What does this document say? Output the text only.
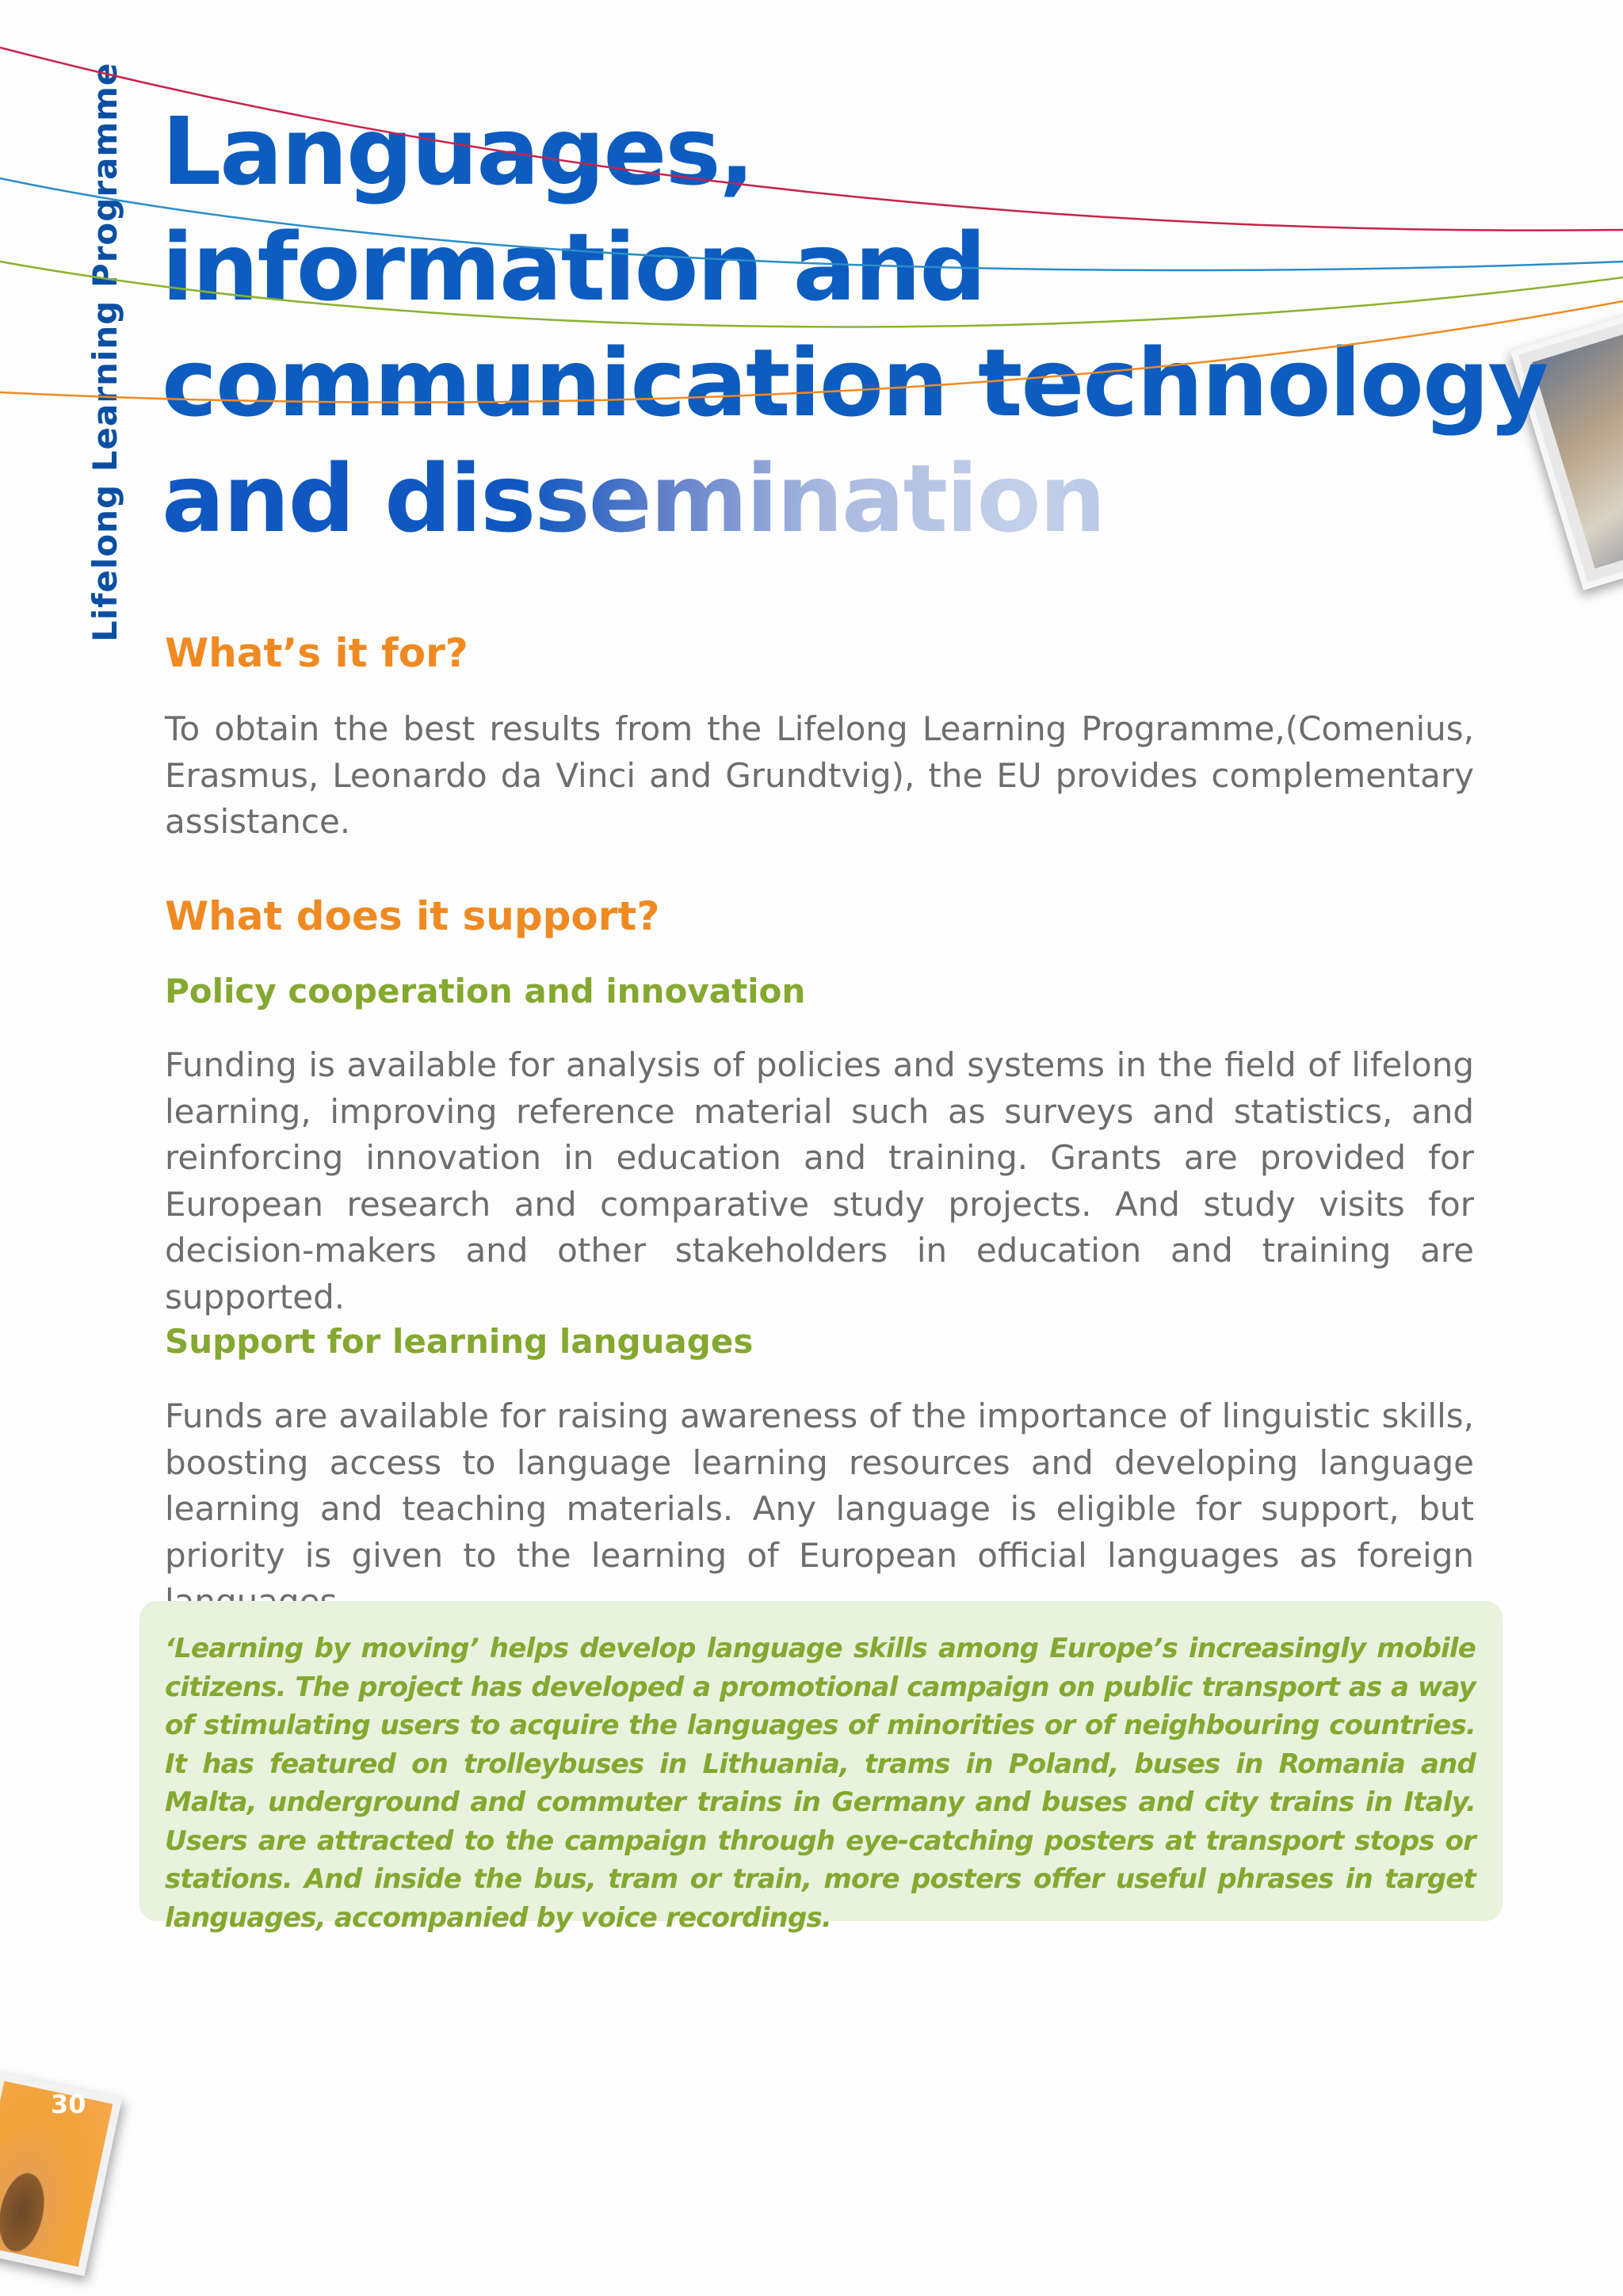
Lifelong Learning Programme Languages,
information and
communication technology
and dissemination
What’s it for?

To obtain the best results from the Lifelong Learning Programme,(Comenius, Erasmus, Leonardo da Vinci and Grundtvig), the EU provides complementary assistance.

What does it support?
Policy cooperation and innovation

Funding is available for analysis of policies and systems in the field of lifelong learning, improving reference material such as surveys and statistics, and reinforcing innovation in education and training. Grants are provided for European research and comparative study projects. And study visits for decision-makers and other stakeholders in education and training are supported.

Support for learning languages

Funds are available for raising awareness of the importance of linguistic skills, boosting access to language learning resources and developing language learning and teaching materials. Any language is eligible for support, but priority is given to the learning of European official languages as foreign

‘Learning by moving’ helps develop language skills among Europe’s increasingly mobile citizens. The project has developed a promotional campaign on public transport as a way of stimulating users to acquire the languages of minorities or of neighbouring countries. It has featured on trolleybuses in Lithuania, trams in Poland, buses in Romania and Malta, underground and commuter trains in Germany and buses and city trains in Italy. Users are attracted to the campaign through eye-catching posters at transport stops or stations. And inside the bus, tram or train, more posters offer useful phrases in target languages, accompanied by voice recordings.

30
